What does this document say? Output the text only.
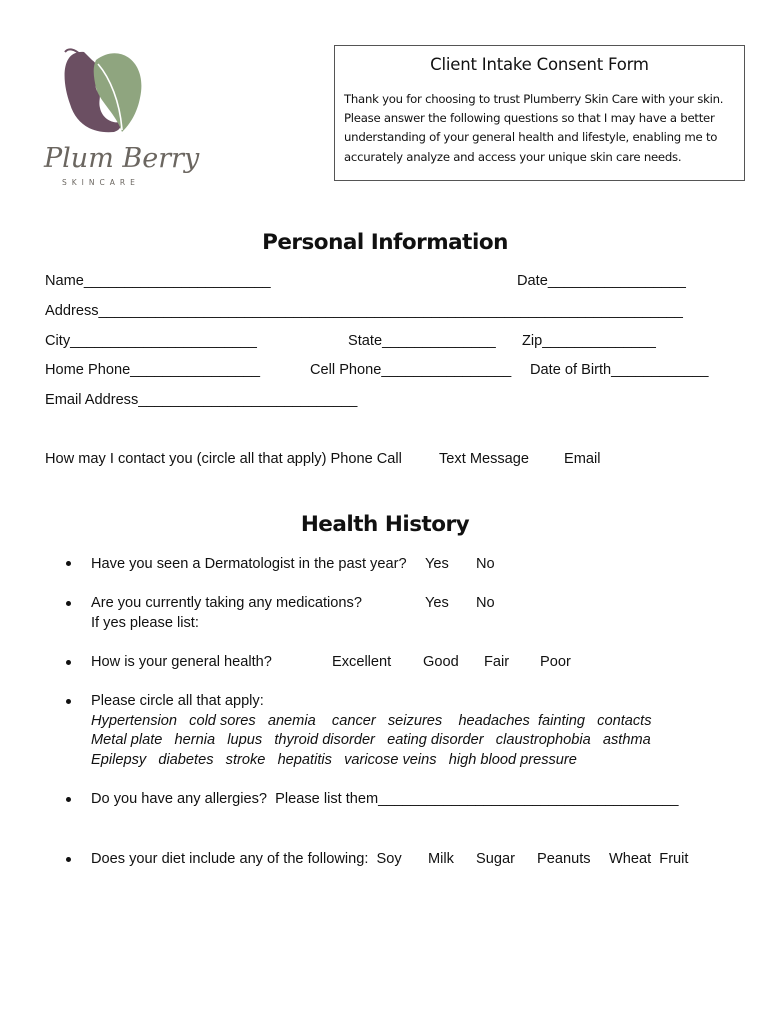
Plum Berry
SKINCARE
Client Intake Consent Form
Thank you for choosing to trust Plumberry Skin Care with your skin. Please answer the following questions so that I may have a better understanding of your general health and lifestyle, enabling me to accurately analyze and access your unique skin care needs.
Personal Information
Name_______________________	Date_________________
Address________________________________________________________________________
City_______________________	State______________ Zip______________
Home Phone________________	Cell Phone________________ Date of Birth____________
Email Address___________________________
How may I contact you (circle all that apply) Phone Call	Text Message Email
Health History
Have you seen a Dermatologist in the past year? Yes No
Are you currently taking any medications?	Yes No
If yes please list:
How is your general health?	Excellent Good Fair Poor
Please circle all that apply:
Hypertension   cold sores   anemia    cancer   seizures    headaches  fainting   contacts
Metal plate   hernia   lupus   thyroid disorder   eating disorder   claustrophobia   asthma
Epilepsy   diabetes   stroke   hepatitis   varicose veins   high blood pressure
Do you have any allergies?  Please list them_____________________________________
Does your diet include any of the following:  Soy Milk Sugar Peanuts Wheat  Fruit
